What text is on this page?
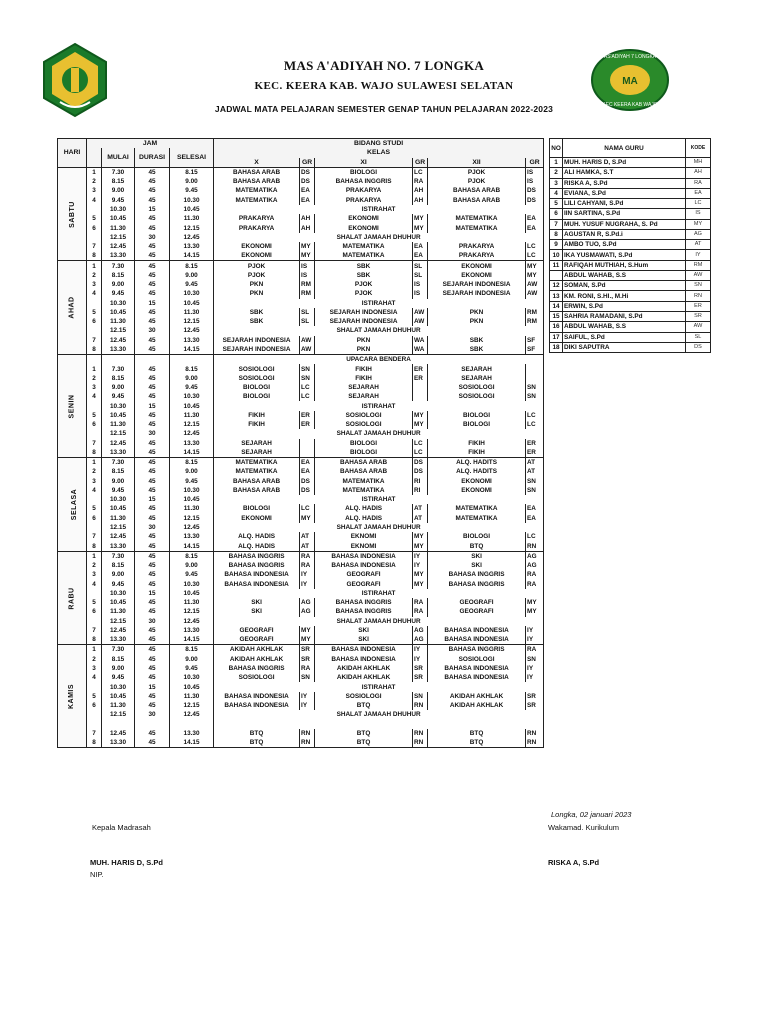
MA
AS'ADIYAH 7 LONGKA
KEC KEERA KAB WAJO
MAS A'ADIYAH NO. 7 LONGKA
KEC. KEERA KAB. WAJO SULAWESI SELATAN
JADWAL MATA PELAJARAN SEMESTER GENAP TAHUN PELAJARAN 2022-2023
HARI	JAM				BIDANG STUDI					
		MULAI	DURASI	SELESAI	KELAS					
					X	GR	XI	GR	XII	GR
SABTU	1	7.30	45	8.15	BAHASA ARAB	DS	BIOLOGI	LC	PJOK	IS
	2	8.15	45	9.00	BAHASA ARAB	DS	BAHASA INGGRIS	RA	PJOK	IS
	3	9.00	45	9.45	MATEMATIKA	EA	PRAKARYA	AH	BAHASA ARAB	DS
	4	9.45	45	10.30	MATEMATIKA	EA	PRAKARYA	AH	BAHASA ARAB	DS
		10.30	15	10.45	ISTIRAHAT					
	5	10.45	45	11.30	PRAKARYA	AH	EKONOMI	MY	MATEMATIKA	EA
	6	11.30	45	12.15	PRAKARYA	AH	EKONOMI	MY	MATEMATIKA	EA
		12.15	30	12.45	SHALAT JAMAAH DHUHUR					
	7	12.45	45	13.30	EKONOMI	MY	MATEMATIKA	EA	PRAKARYA	LC
	8	13.30	45	14.15	EKONOMI	MY	MATEMATIKA	EA	PRAKARYA	LC
AHAD	1	7.30	45	8.15	PJOK	IS	SBK	SL	EKONOMI	MY
	2	8.15	45	9.00	PJOK	IS	SBK	SL	EKONOMI	MY
	3	9.00	45	9.45	PKN	RM	PJOK	IS	SEJARAH INDONESIA	AW
	4	9.45	45	10.30	PKN	RM	PJOK	IS	SEJARAH INDONESIA	AW
		10.30	15	10.45	ISTIRAHAT					
	5	10.45	45	11.30	SBK	SL	SEJARAH INDONESIA	AW	PKN	RM
	6	11.30	45	12.15	SBK	SL	SEJARAH INDONESIA	AW	PKN	RM
		12.15	30	12.45	SHALAT JAMAAH DHUHUR					
	7	12.45	45	13.30	SEJARAH INDONESIA	AW	PKN	WA	SBK	SF
	8	13.30	45	14.15	SEJARAH INDONESIA	AW	PKN	WA	SBK	SF
SENIN					UPACARA BENDERA					
	1	7.30	45	8.15	SOSIOLOGI	SN	FIKIH	ER	SEJARAH	
	2	8.15	45	9.00	SOSIOLOGI	SN	FIKIH	ER	SEJARAH	
	3	9.00	45	9.45	BIOLOGI	LC	SEJARAH		SOSIOLOGI	SN
	4	9.45	45	10.30	BIOLOGI	LC	SEJARAH		SOSIOLOGI	SN
		10.30	15	10.45	ISTIRAHAT					
	5	10.45	45	11.30	FIKIH	ER	SOSIOLOGI	MY	BIOLOGI	LC
	6	11.30	45	12.15	FIKIH	ER	SOSIOLOGI	MY	BIOLOGI	LC
		12.15	30	12.45	SHALAT JAMAAH DHUHUR					
	7	12.45	45	13.30	SEJARAH		BIOLOGI	LC	FIKIH	ER
	8	13.30	45	14.15	SEJARAH		BIOLOGI	LC	FIKIH	ER
SELASA	1	7.30	45	8.15	MATEMATIKA	EA	BAHASA ARAB	DS	ALQ. HADITS	AT
	2	8.15	45	9.00	MATEMATIKA	EA	BAHASA ARAB	DS	ALQ. HADITS	AT
	3	9.00	45	9.45	BAHASA ARAB	DS	MATEMATIKA	RI	EKONOMI	SN
	4	9.45	45	10.30	BAHASA ARAB	DS	MATEMATIKA	RI	EKONOMI	SN
		10.30	15	10.45	ISTIRAHAT					
	5	10.45	45	11.30	BIOLOGI	LC	ALQ. HADIS	AT	MATEMATIKA	EA
	6	11.30	45	12.15	EKONOMI	MY	ALQ. HADIS	AT	MATEMATIKA	EA
		12.15	30	12.45	SHALAT JAMAAH DHUHUR					
	7	12.45	45	13.30	ALQ. HADIS	AT	EKNOMI	MY	BIOLOGI	LC
	8	13.30	45	14.15	ALQ. HADIS	AT	EKNOMI	MY	BTQ	RN
RABU	1	7.30	45	8.15	BAHASA INGGRIS	RA	BAHASA INDONESIA	IY	SKI	AG
	2	8.15	45	9.00	BAHASA INGGRIS	RA	BAHASA INDONESIA	IY	SKI	AG
	3	9.00	45	9.45	BAHASA INDONESIA	IY	GEOGRAFI	MY	BAHASA INGGRIS	RA
	4	9.45	45	10.30	BAHASA INDONESIA	IY	GEOGRAFI	MY	BAHASA INGGRIS	RA
		10.30	15	10.45	ISTIRAHAT					
	5	10.45	45	11.30	SKI	AG	BAHASA INGGRIS	RA	GEOGRAFI	MY
	6	11.30	45	12.15	SKI	AG	BAHASA INGGRIS	RA	GEOGRAFI	MY
		12.15	30	12.45	SHALAT JAMAAH DHUHUR					
	7	12.45	45	13.30	GEOGRAFI	MY	SKI	AG	BAHASA INDONESIA	IY
	8	13.30	45	14.15	GEOGRAFI	MY	SKI	AG	BAHASA INDONESIA	IY
KAMIS	1	7.30	45	8.15	AKIDAH AKHLAK	SR	BAHASA INDONESIA	IY	BAHASA INGGRIS	RA
	2	8.15	45	9.00	AKIDAH AKHLAK	SR	BAHASA INDONESIA	IY	SOSIOLOGI	SN
	3	9.00	45	9.45	BAHASA INGGRIS	RA	AKIDAH AKHLAK	SR	BAHASA INDONESIA	IY
	4	9.45	45	10.30	SOSIOLOGI	SN	AKIDAH AKHLAK	SR	BAHASA INDONESIA	IY
		10.30	15	10.45	ISTIRAHAT					
	5	10.45	45	11.30	BAHASA INDONESIA	IY	SOSIOLOGI	SN	AKIDAH AKHLAK	SR
	6	11.30	45	12.15	BAHASA INDONESIA	IY	BTQ	RN	AKIDAH AKHLAK	SR
		12.15	30	12.45	SHALAT JAMAAH DHUHUR					

	7	12.45	45	13.30	BTQ	RN	BTQ	RN	BTQ	RN
	8	13.30	45	14.15	BTQ	RN	BTQ	RN	BTQ	RN
NO	NAMA GURU	KODE
1	MUH. HARIS D, S.Pd	MH
2	ALI HAMKA, S.T	AH
3	RISKA A, S.Pd	RA
4	EVIANA, S.Pd	EA
5	LILI CAHYANI, S.Pd	LC
6	IIN SARTINA, S.Pd	IS
7	MUH. YUSUF NUGRAHA, S. Pd	MY
8	AGUSTAN R, S.Pd.i	AG
9	AMBO TUO, S.Pd	AT
10	IKA YUSMAWATI, S.Pd	IY
11	RAFIQAH MUTHIAH, S.Hum	RM
	ABDUL WAHAB, S.S	AW
12	SOMAN, S.Pd	SN
13	KM. RONI, S.HI., M.Hi	RN
14	ERWIN, S.Pd	ER
15	SAHRIA RAMADANI, S.Pd	SR
16	ABDUL WAHAB, S.S	AW
17	SAIFUL, S.Pd	SL
18	DIKI SAPUTRA	DS
Longka, 02 januari 2023
Kepala Madrasah	Wakamad. Kurikulum
MUH. HARIS D, S.Pd
NIP.
RISKA A, S.Pd
